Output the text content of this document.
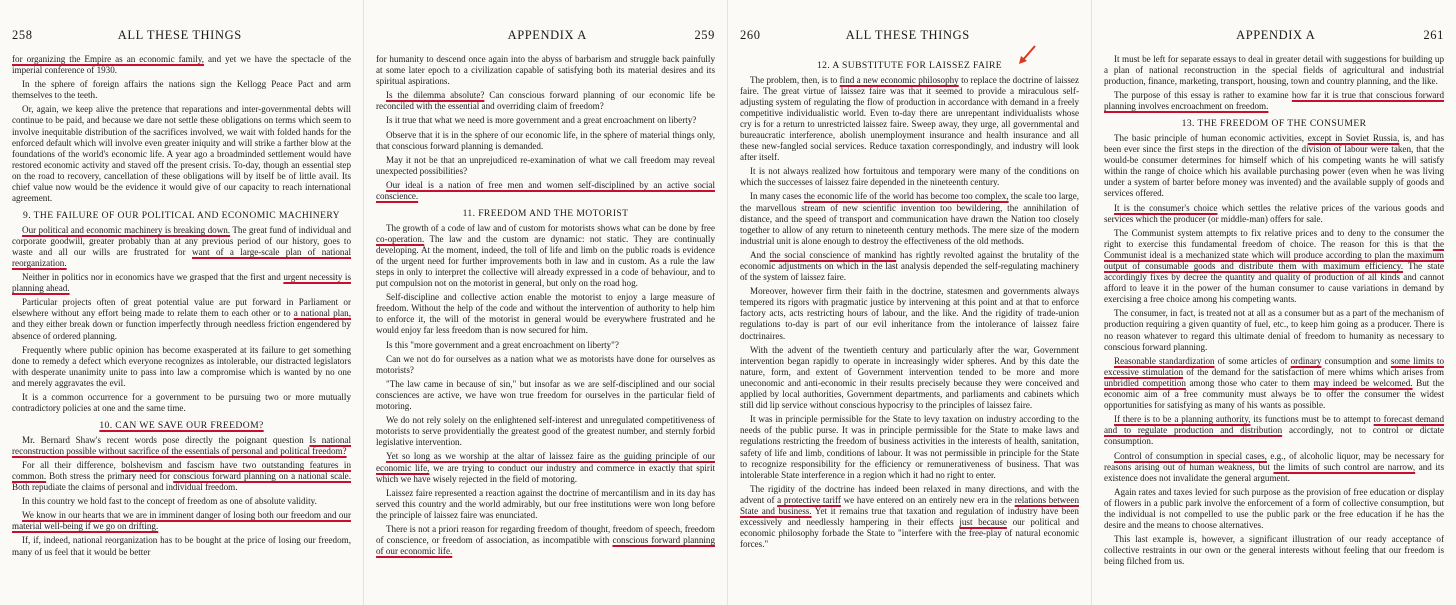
258	ALL THESE THINGS

for organizing the Empire as an economic family, and yet we have the spectacle of the imperial conference of 1930.

In the sphere of foreign affairs the nations sign the Kellogg Peace Pact and arm themselves to the teeth.

Or, again, we keep alive the pretence that reparations and inter-governmental debts will continue to be paid, and because we dare not settle these obligations on terms which seem to involve inequitable distribution of the sacrifices involved, we wait with folded hands for the enforced default which will involve even greater iniquity and will strike a farther blow at the foundations of the world's economic life. A year ago a broadminded settlement would have restored economic activity and staved off the present crisis. To-day, though an essential step on the road to recovery, cancellation of these obligations will by itself be of little avail. Its chief value now would be the evidence it would give of our capacity to reach international agreement.

9. THE FAILURE OF OUR POLITICAL AND ECONOMIC MACHINERY

Our political and economic machinery is breaking down. The great fund of individual and corporate goodwill, greater probably than at any previous period of our history, goes to waste and all our wills are frustrated for want of a large-scale plan of national reorganization.

Neither in politics nor in economics have we grasped that the first and urgent necessity is planning ahead.

Particular projects often of great potential value are put forward in Parliament or elsewhere without any effort being made to relate them to each other or to a national plan, and they either break down or function imperfectly through needless friction engendered by absence of ordered planning.

Frequently where public opinion has become exasperated at its failure to get something done to remedy a defect which everyone recognizes as intolerable, our distracted legislators with desperate unanimity unite to pass into law a compromise which is wanted by no one and merely aggravates the evil.

It is a common occurrence for a government to be pursuing two or more mutually contradictory policies at one and the same time.

10. CAN WE SAVE OUR FREEDOM?

Mr. Bernard Shaw's recent words pose directly the poignant question Is national reconstruction possible without sacrifice of the essentials of personal and political freedom?

For all their difference, bolshevism and fascism have two outstanding features in common. Both stress the primary need for conscious forward planning on a national scale. Both repudiate the claims of personal and individual freedom.

In this country we hold fast to the concept of freedom as one of absolute validity.

We know in our hearts that we are in imminent danger of losing both our freedom and our material well-being if we go on drifting.

If, if, indeed, national reorganization has to be bought at the price of losing our freedom, many of us feel that it would be better

APPENDIX A	259

for humanity to descend once again into the abyss of barbarism and struggle back painfully at some later epoch to a civilization capable of satisfying both its material desires and its spiritual aspirations.

Is the dilemma absolute? Can conscious forward planning of our economic life be reconciled with the essential and overriding claim of freedom?

Is it true that what we need is more government and a great encroachment on liberty?

Observe that it is in the sphere of our economic life, in the sphere of material things only, that conscious forward planning is demanded.

May it not be that an unprejudiced re-examination of what we call freedom may reveal unexpected possibilities?

Our ideal is a nation of free men and women self-disciplined by an active social conscience.

11. FREEDOM AND THE MOTORIST

The growth of a code of law and of custom for motorists shows what can be done by free co-operation. The law and the custom are dynamic: not static. They are continually developing. At the moment, indeed, the toll of life and limb on the public roads is evidence of the urgent need for further improvements both in law and in custom. As a rule the law steps in only to interpret the collective will already expressed in a code of behaviour, and to put compulsion not on the motorist in general, but only on the road hog.

Self-discipline and collective action enable the motorist to enjoy a large measure of freedom. Without the help of the code and without the intervention of authority to help him to enforce it, the will of the motorist in general would be everywhere frustrated and he would enjoy far less freedom than is now secured for him.

Is this "more government and a great encroachment on liberty"?

Can we not do for ourselves as a nation what we as motorists have done for ourselves as motorists?

"The law came in because of sin," but insofar as we are self-disciplined and our social consciences are active, we have won true freedom for ourselves in the particular field of motoring.

We do not rely solely on the enlightened self-interest and unregulated competitiveness of motorists to serve providentially the greatest good of the greatest number, and sternly forbid legislative intervention.

Yet so long as we worship at the altar of laissez faire as the guiding principle of our economic life, we are trying to conduct our industry and commerce in exactly that spirit which we have wisely rejected in the field of motoring.

Laissez faire represented a reaction against the doctrine of mercantilism and in its day has served this country and the world admirably, but our free institutions were won long before the principle of laissez faire was enunciated.

There is not a priori reason for regarding freedom of thought, freedom of speech, freedom of conscience, or freedom of association, as incompatible with conscious forward planning of our economic life.

260	ALL THESE THINGS
12. A SUBSTITUTE FOR LAISSEZ FAIRE

The problem, then, is to find a new economic philosophy to replace the doctrine of laissez faire. The great virtue of laissez faire was that it seemed to provide a miraculous self-adjusting system of regulating the flow of production in accordance with demand in a freely competitive individualistic world. Even to-day there are unrepentant individualists whose cry is for a return to unrestricted laissez faire. Sweep away, they urge, all governmental and bureaucratic interference, abolish unemployment insurance and health insurance and all these new-fangled social services. Reduce taxation correspondingly, and industry will look after itself.

It is not always realized how fortuitous and temporary were many of the conditions on which the successes of laissez faire depended in the nineteenth century.

In many cases the economic life of the world has become too complex, the scale too large, the marvellous stream of new scientific invention too bewildering, the annihilation of distance, and the speed of transport and communication have drawn the Nation too closely together to allow of any return to nineteenth century methods. The mere size of the modern industrial unit is alone enough to destroy the effectiveness of the old methods.

And the social conscience of mankind has rightly revolted against the brutality of the economic adjustments on which in the last analysis depended the self-regulating machinery of the system of laissez faire.

Moreover, however firm their faith in the doctrine, statesmen and governments always tempered its rigors with pragmatic justice by intervening at this point and at that to enforce factory acts, acts restricting hours of labour, and the like. And the rigidity of trade-union regulations to-day is part of our evil inheritance from the intolerance of laissez faire doctrinaires.

With the advent of the twentieth century and particularly after the war, Government intervention began rapidly to operate in increasingly wider spheres. And by this date the nature, form, and extent of Government intervention tended to be more and more uneconomic and anti-economic in their results precisely because they were conceived and applied by local authorities, Government departments, and parliaments and cabinets which still did lip service without conscious hypocrisy to the principles of laissez faire.

It was in principle permissible for the State to levy taxation on industry according to the needs of the public purse. It was in principle permissible for the State to make laws and regulations restricting the freedom of business activities in the interests of health, sanitation, safety of life and limb, conditions of labour. It was not permissible in principle for the State to recognize responsibility for the efficiency or remunerativeness of business. That was intolerable State interference in a region which it had no right to enter.

The rigidity of the doctrine has indeed been relaxed in many directions, and with the advent of a protective tariff we have entered on an entirely new era in the relations between State and business. Yet it remains true that taxation and regulation of industry have been excessively and needlessly hampering in their effects just because our political and economic philosophy forbade the State to "interfere with the free-play of natural economic forces."

APPENDIX A	261

It must be left for separate essays to deal in greater detail with suggestions for building up a plan of national reconstruction in the special fields of agricultural and industrial production, finance, marketing, transport, housing, town and country planning, and the like.

The purpose of this essay is rather to examine how far it is true that conscious forward planning involves encroachment on freedom.

13. THE FREEDOM OF THE CONSUMER

The basic principle of human economic activities, except in Soviet Russia, is, and has been ever since the first steps in the direction of the division of labour were taken, that the would-be consumer determines for himself which of his competing wants he will satisfy within the range of choice which his available purchasing power (even when he was living under a system of barter before money was invented) and the available supply of goods and services offered.

It is the consumer's choice which settles the relative prices of the various goods and services which the producer (or middle-man) offers for sale.

The Communist system attempts to fix relative prices and to deny to the consumer the right to exercise this fundamental freedom of choice. The reason for this is that the Communist ideal is a mechanized state which will produce according to plan the maximum output of consumable goods and distribute them with maximum efficiency. The state accordingly fixes by decree the quantity and quality of production of all kinds and cannot afford to leave it in the power of the human consumer to cause variations in demand by exercising a free choice among his competing wants.

The consumer, in fact, is treated not at all as a consumer but as a part of the mechanism of production requiring a given quantity of fuel, etc., to keep him going as a producer. There is no reason whatever to regard this ultimate denial of freedom to humanity as necessary to conscious forward planning.

Reasonable standardization of some articles of ordinary consumption and some limits to excessive stimulation of the demand for the satisfaction of mere whims which arises from unbridled competition among those who cater to them may indeed be welcomed. But the economic aim of a free community must always be to offer the consumer the widest opportunities for satisfying as many of his wants as possible.

If there is to be a planning authority, its functions must be to attempt to forecast demand and to regulate production and distribution accordingly, not to control or dictate consumption.

Control of consumption in special cases, e.g., of alcoholic liquor, may be necessary for reasons arising out of human weakness, but the limits of such control are narrow, and its existence does not invalidate the general argument.

Again rates and taxes levied for such purpose as the provision of free education or display of flowers in a public park involve the enforcement of a form of collective consumption, but the individual is not compelled to use the public park or the free education if he has the desire and the means to choose alternatives.

This last example is, however, a significant illustration of our ready acceptance of collective restraints in our own or the general interests without feeling that our freedom is being filched from us.
